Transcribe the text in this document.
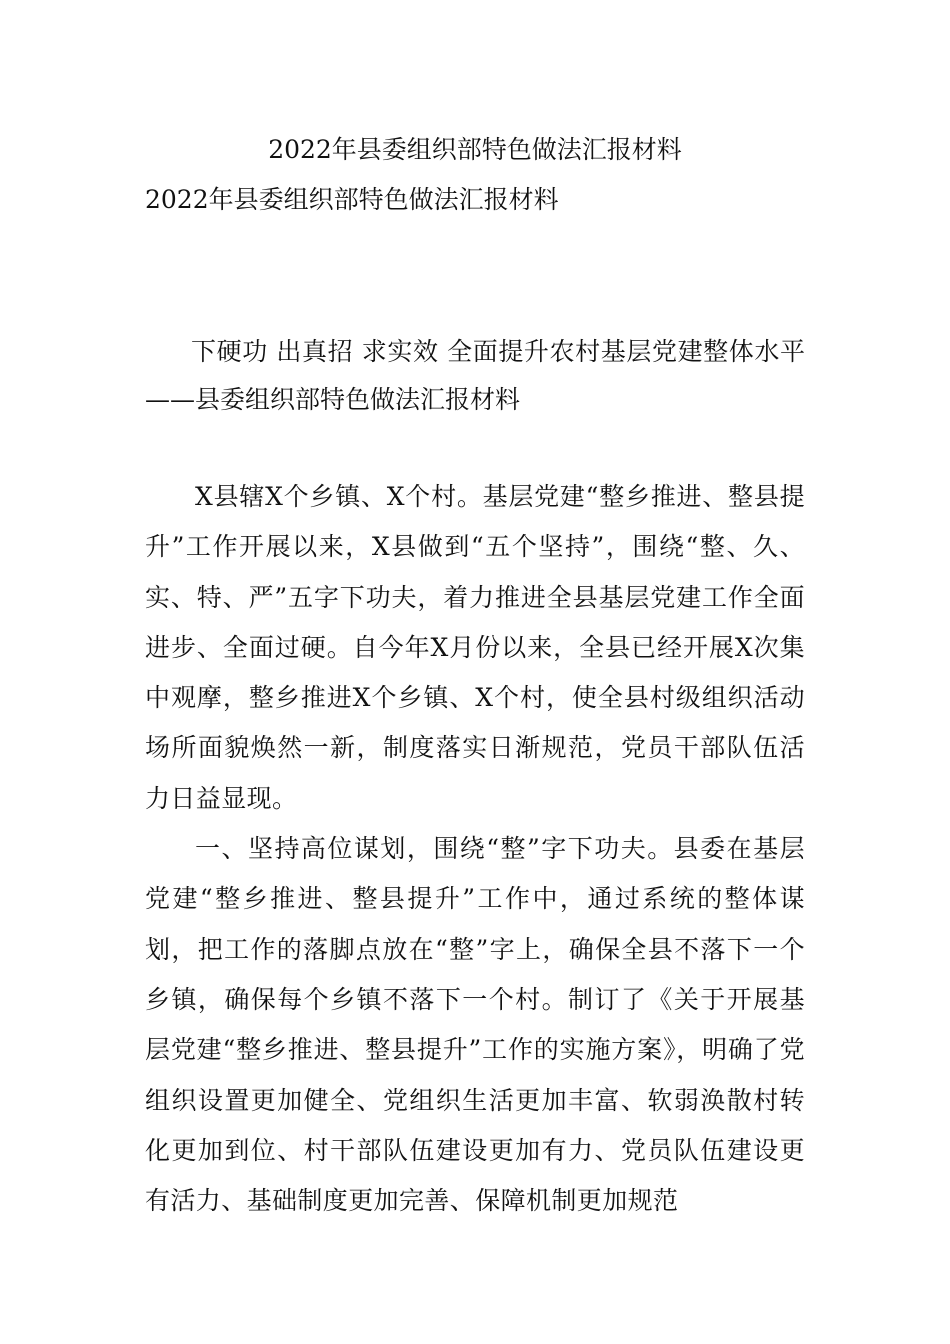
2022年县委组织部特色做法汇报材料
2022年县委组织部特色做法汇报材料
下硬功 出真招 求实效 全面提升农村基层党建整体水平——县委组织部特色做法汇报材料

X县辖X个乡镇、X个村。基层党建“整乡推进、整县提升”工作开展以来，X县做到“五个坚持”，围绕“整、久、实、特、严”五字下功夫，着力推进全县基层党建工作全面进步、全面过硬。自今年X月份以来，全县已经开展X次集中观摩，整乡推进X个乡镇、X个村，使全县村级组织活动场所面貌焕然一新，制度落实日渐规范，党员干部队伍活力日益显现。

一、坚持高位谋划，围绕“整”字下功夫。县委在基层党建“整乡推进、整县提升”工作中，通过系统的整体谋划，把工作的落脚点放在“整”字上，确保全县不落下一个乡镇，确保每个乡镇不落下一个村。制订了《关于开展基层党建“整乡推进、整县提升”工作的实施方案》，明确了党组织设置更加健全、党组织生活更加丰富、软弱涣散村转化更加到位、村干部队伍建设更加有力、党员队伍建设更有活力、基础制度更加完善、保障机制更加规范
